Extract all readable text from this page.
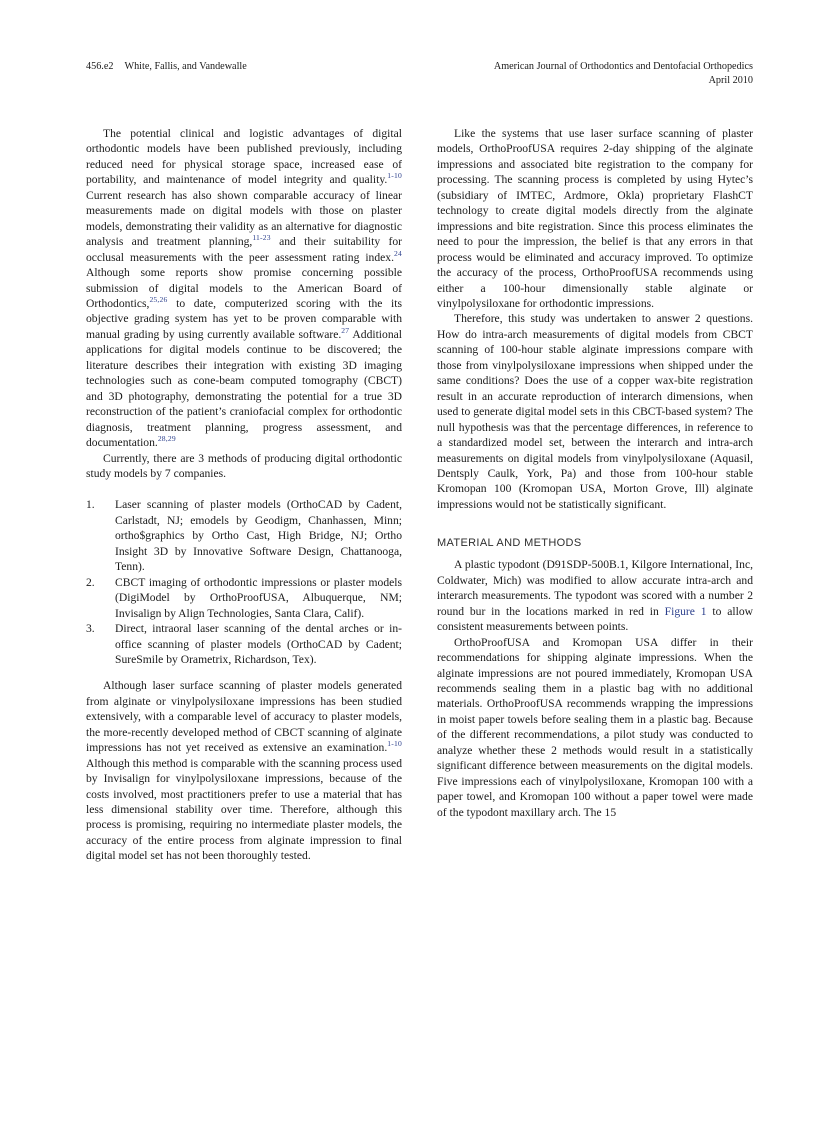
456.e2 White, Fallis, and Vandewalle	American Journal of Orthodontics and Dentofacial Orthopedics
April 2010

The potential clinical and logistic advantages of digital orthodontic models have been published previously, including reduced need for physical storage space, increased ease of portability, and maintenance of model integrity and quality.$^{1-10}$ Current research has also shown comparable accuracy of linear measurements made on digital models with those on plaster models, demonstrating their validity as an alternative for diagnostic analysis and treatment planning,$^{11-23}$ and their suitability for occlusal measurements with the peer assessment rating index.$^{24}$ Although some reports show promise concerning possible submission of digital models to the American Board of Orthodontics,$^{25,26}$ to date, computerized scoring with the its objective grading system has yet to be proven comparable with manual grading by using currently available software.$^{27}$ Additional applications for digital models continue to be discovered; the literature describes their integration with existing 3D imaging technologies such as cone-beam computed tomography (CBCT) and 3D photography, demonstrating the potential for a true 3D reconstruction of the patient’s craniofacial complex for orthodontic diagnosis, treatment planning, progress assessment, and documentation.$^{28,29}$

Currently, there are 3 methods of producing digital orthodontic study models by 7 companies.

1.	Laser scanning of plaster models (OrthoCAD by Cadent, Carlstadt, NJ; emodels by Geodigm, Chanhassen, Minn; ortho$graphics by Ortho Cast, High Bridge, NJ; Ortho Insight 3D by Innovative Software Design, Chattanooga, Tenn).
2.	CBCT imaging of orthodontic impressions or plaster models (DigiModel by OrthoProofUSA, Albuquerque, NM; Invisalign by Align Technologies, Santa Clara, Calif).
3.	Direct, intraoral laser scanning of the dental arches or in-office scanning of plaster models (OrthoCAD by Cadent; SureSmile by Orametrix, Richardson, Tex).

Although laser surface scanning of plaster models generated from alginate or vinylpolysiloxane impressions has been studied extensively, with a comparable level of accuracy to plaster models, the more-recently developed method of CBCT scanning of alginate impressions has not yet received as extensive an examination.$^{1-10}$ Although this method is comparable with the scanning process used by Invisalign for vinylpolysiloxane impressions, because of the costs involved, most practitioners prefer to use a material that has less dimensional stability over time. Therefore, although this process is promising, requiring no intermediate plaster models, the accuracy of the entire process from alginate impression to final digital model set has not been thoroughly tested.

Like the systems that use laser surface scanning of plaster models, OrthoProofUSA requires 2-day shipping of the alginate impressions and associated bite registration to the company for processing. The scanning process is completed by using Hytec’s (subsidiary of IMTEC, Ardmore, Okla) proprietary FlashCT technology to create digital models directly from the alginate impressions and bite registration. Since this process eliminates the need to pour the impression, the belief is that any errors in that process would be eliminated and accuracy improved. To optimize the accuracy of the process, OrthoProofUSA recommends using either a 100-hour dimensionally stable alginate or vinylpolysiloxane for orthodontic impressions.

Therefore, this study was undertaken to answer 2 questions. How do intra-arch measurements of digital models from CBCT scanning of 100-hour stable alginate impressions compare with those from vinylpolysiloxane impressions when shipped under the same conditions? Does the use of a copper wax-bite registration result in an accurate reproduction of interarch dimensions, when used to generate digital model sets in this CBCT-based system? The null hypothesis was that the percentage differences, in reference to a standardized model set, between the interarch and intra-arch measurements on digital models from vinylpolysiloxane (Aquasil, Dentsply Caulk, York, Pa) and those from 100-hour stable Kromopan 100 (Kromopan USA, Morton Grove, Ill) alginate impressions would not be statistically significant.

MATERIAL AND METHODS

A plastic typodont (D91SDP-500B.1, Kilgore International, Inc, Coldwater, Mich) was modified to allow accurate intra-arch and interarch measurements. The typodont was scored with a number 2 round bur in the locations marked in red in Figure 1 to allow consistent measurements between points.

OrthoProofUSA and Kromopan USA differ in their recommendations for shipping alginate impressions. When the alginate impressions are not poured immediately, Kromopan USA recommends sealing them in a plastic bag with no additional materials. OrthoProofUSA recommends wrapping the impressions in moist paper towels before sealing them in a plastic bag. Because of the different recommendations, a pilot study was conducted to analyze whether these 2 methods would result in a statistically significant difference between measurements on the digital models. Five impressions each of vinylpolysiloxane, Kromopan 100 with a paper towel, and Kromopan 100 without a paper towel were made of the typodont maxillary arch. The 15
